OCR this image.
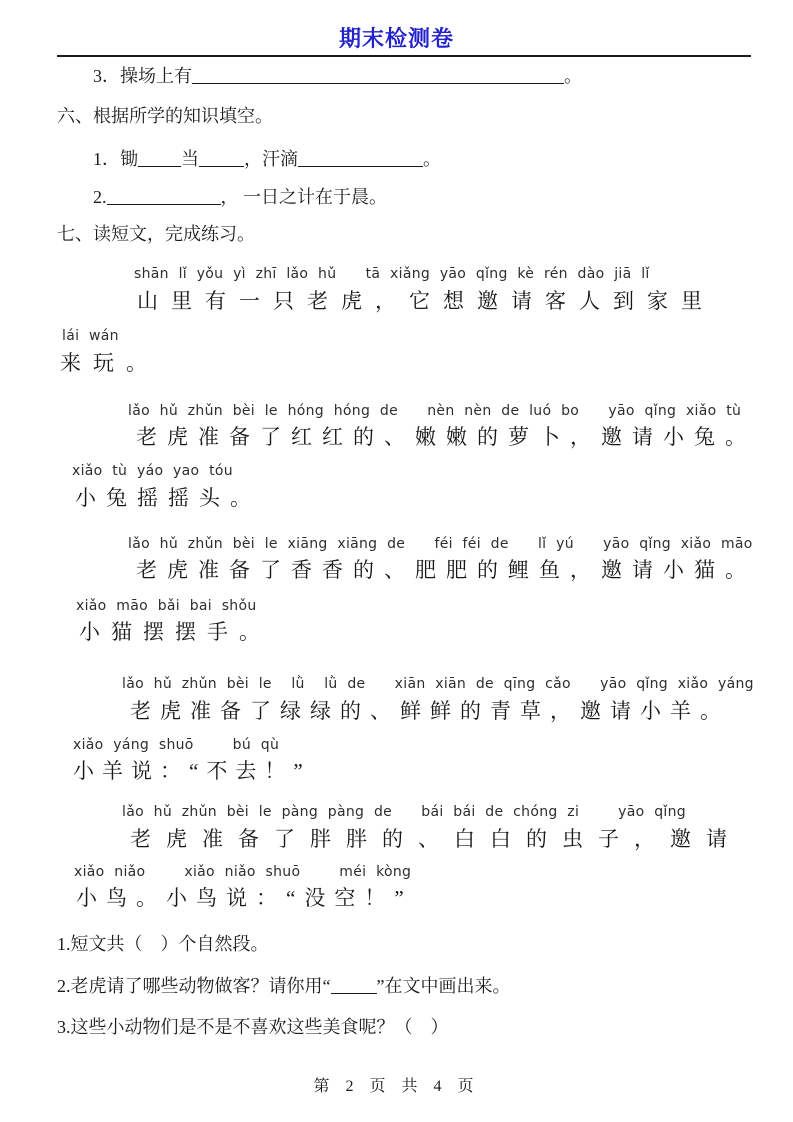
期末检测卷
3．操场上有	。
六、根据所学的知识填空。
1．锄 当	，汗滴	。
2.	， 一日之计在于晨。
七、读短文，完成练习。
shān lǐ yǒu yì zhī lǎo hǔ   tā xiǎng yāo qǐng kè rén dào jiā lǐ
山里有一只老虎，它想邀请客人到家里
lái wán
来玩。
lǎo hǔ zhǔn bèi le hóng hóng de   nèn nèn de luó bo   yāo qǐng xiǎo tù
老虎准备了红红的、嫩嫩的萝卜，邀请小兔。
xiǎo tù yáo yao tóu
小兔摇摇头。
lǎo hǔ zhǔn bèi le xiāng xiāng de   féi féi de   lǐ yú   yāo qǐng xiǎo māo
老虎准备了香香的、肥肥的鲤鱼，邀请小猫。
xiǎo māo bǎi bai shǒu
小猫摆摆手。
lǎo hǔ zhǔn bèi le  lǜ  lǜ de   xiān xiān de qīng cǎo   yāo qǐng xiǎo yáng
老虎准备了绿绿的、鲜鲜的青草，邀请小羊。
xiǎo yáng shuō    bú qù
小羊说：“不去！”
lǎo hǔ zhǔn bèi le pàng pàng de   bái bái de chóng zi    yāo qǐng
老虎准备了胖胖的、白白的虫子，邀请
xiǎo niǎo    xiǎo niǎo shuō    méi kòng
小鸟。小鸟说：“没空！”
1.短文共（　）个自然段。
2.老虎请了哪些动物做客？请你用“	”在文中画出来。
3.这些小动物们是不是不喜欢这些美食呢？（　）
第 2 页 共 4 页
